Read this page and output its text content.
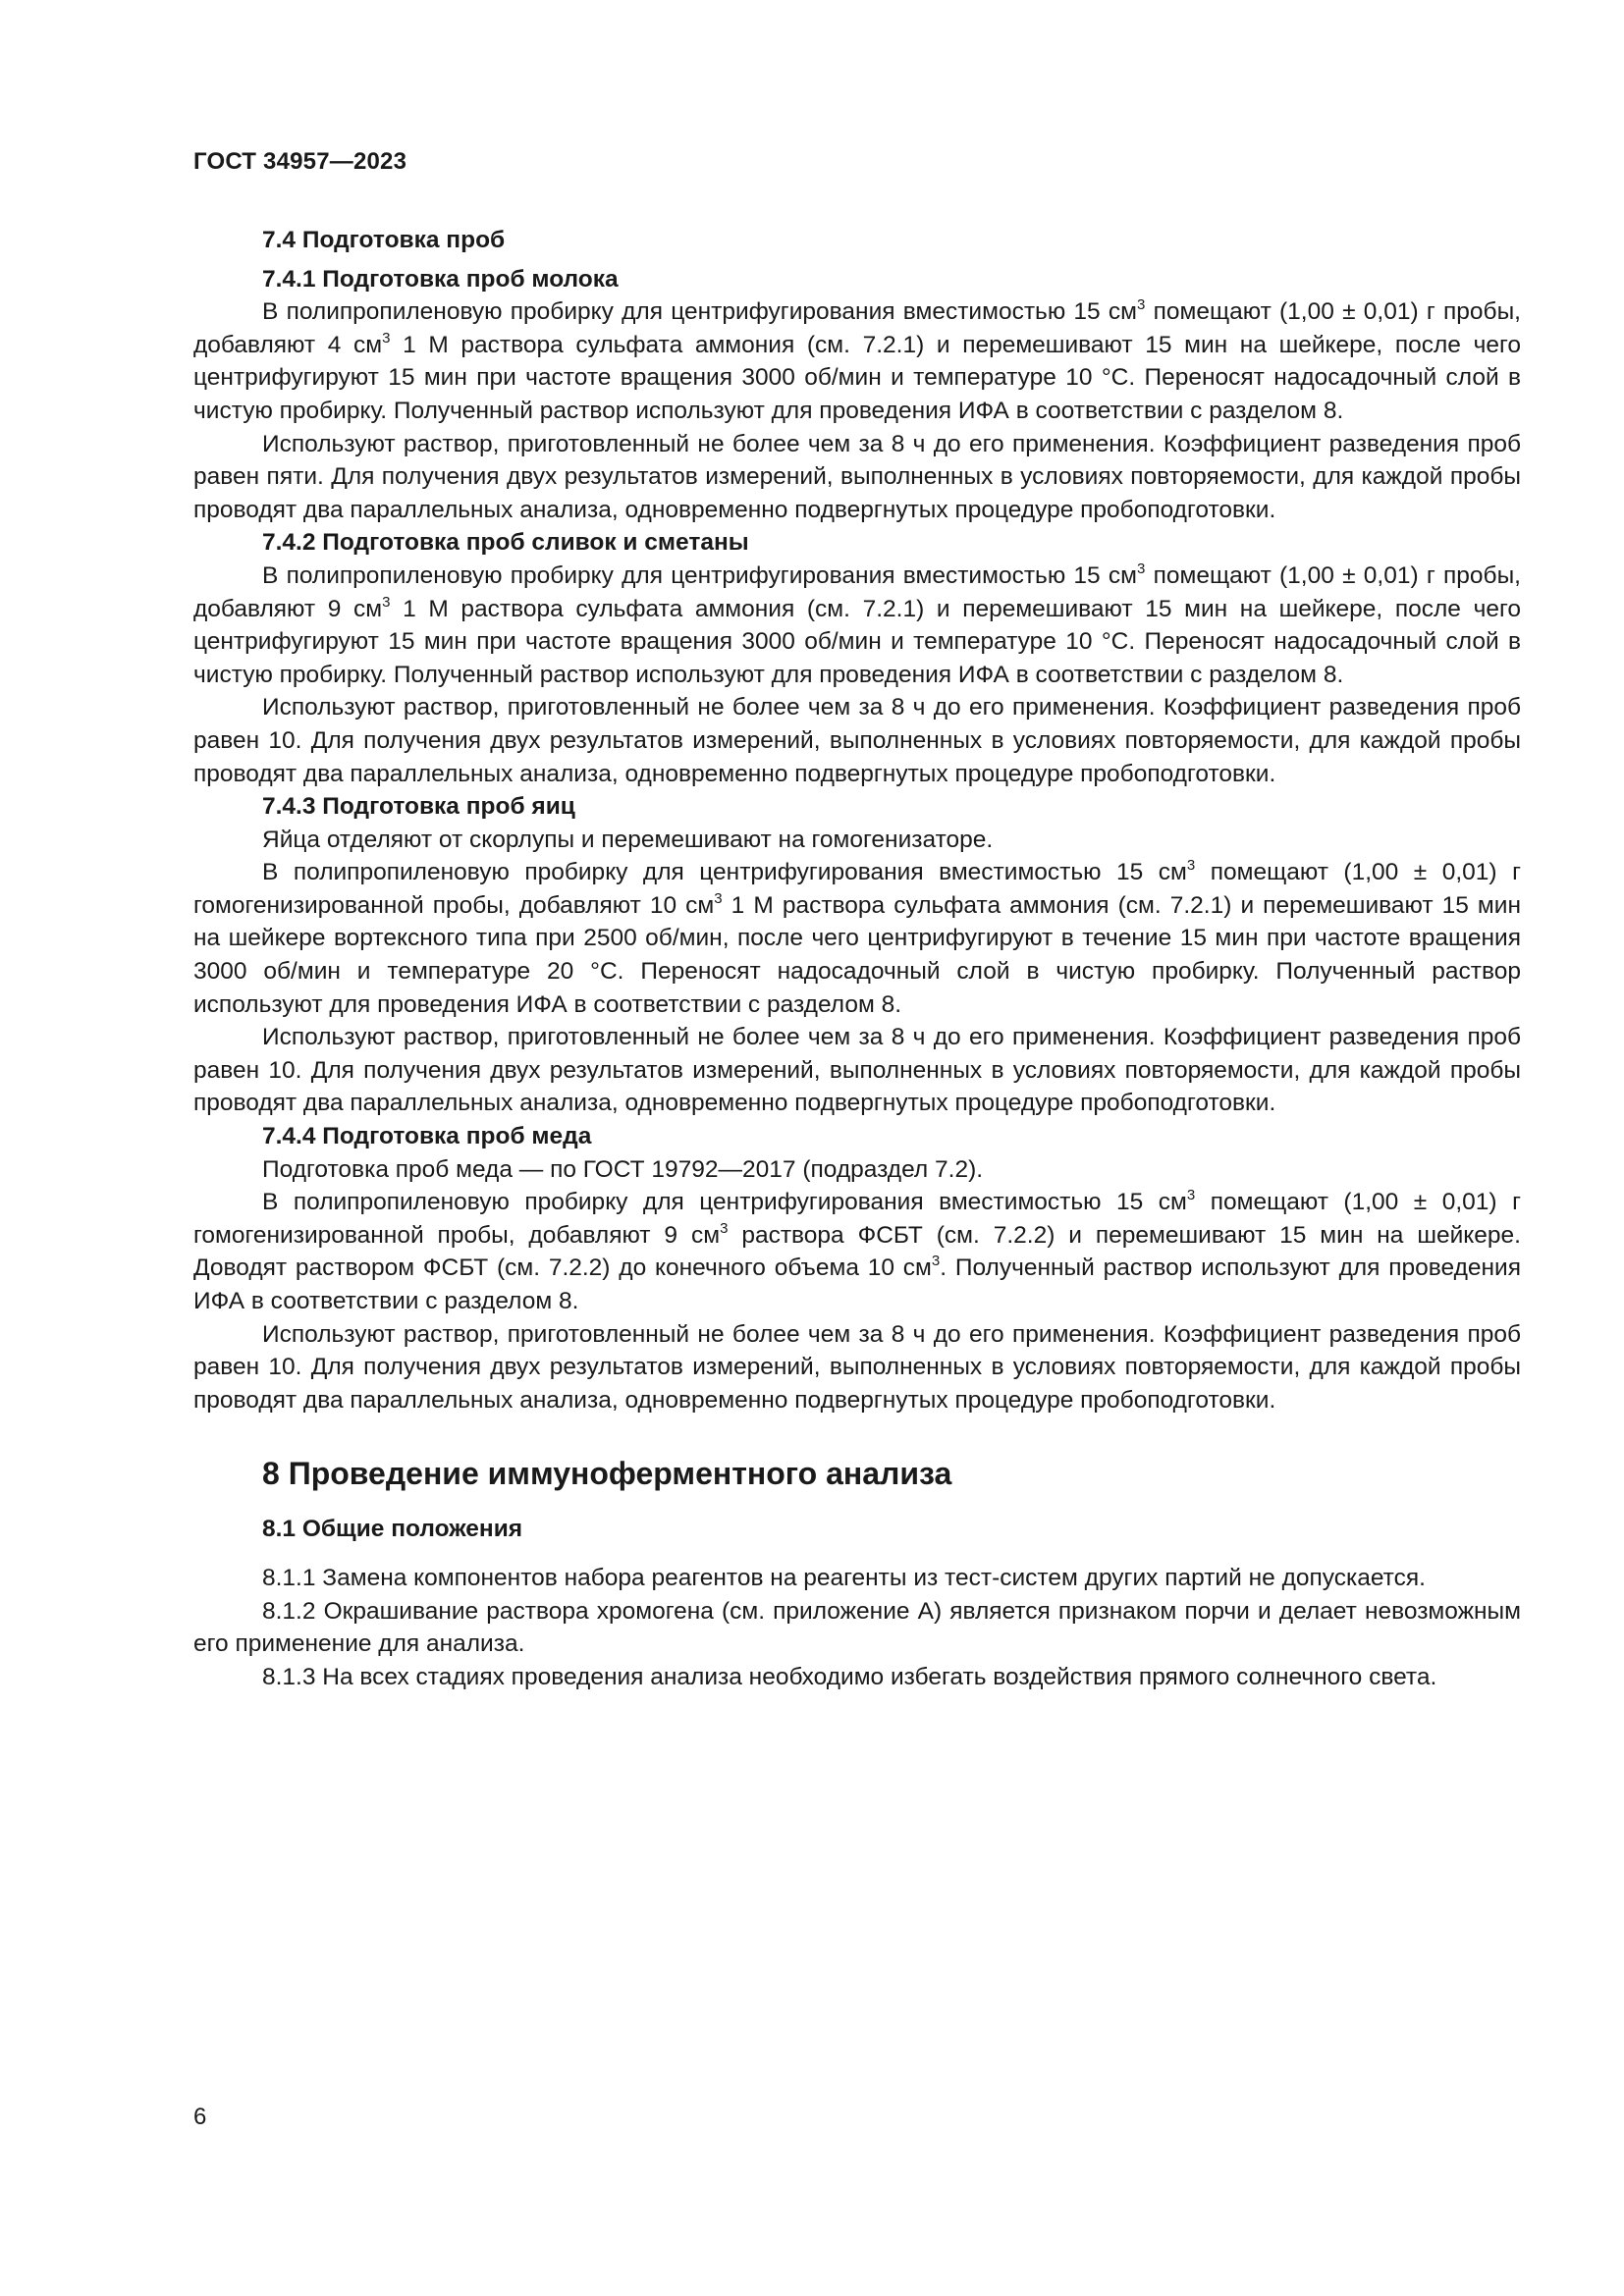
ГОСТ 34957—2023
7.4 Подготовка проб
7.4.1 Подготовка проб молока

В полипропиленовую пробирку для центрифугирования вместимостью 15 $см^3$ помещают (1,00 ± 0,01) г пробы, добавляют 4 $см^3$ 1 М раствора сульфата аммония (см. 7.2.1) и перемешивают 15 мин на шейкере, после чего центрифугируют 15 мин при частоте вращения 3000 об/мин и температуре 10 °С. Переносят надосадочный слой в чистую пробирку. Полученный раствор используют для проведения ИФА в соответствии с разделом 8.

Используют раствор, приготовленный не более чем за 8 ч до его применения. Коэффициент разведения проб равен пяти. Для получения двух результатов измерений, выполненных в условиях повторяемости, для каждой пробы проводят два параллельных анализа, одновременно подвергнутых процедуре пробоподготовки.

7.4.2 Подготовка проб сливок и сметаны

В полипропиленовую пробирку для центрифугирования вместимостью 15 $см^3$ помещают (1,00 ± 0,01) г пробы, добавляют 9 $см^3$ 1 М раствора сульфата аммония (см. 7.2.1) и перемешивают 15 мин на шейкере, после чего центрифугируют 15 мин при частоте вращения 3000 об/мин и температуре 10 °С. Переносят надосадочный слой в чистую пробирку. Полученный раствор используют для проведения ИФА в соответствии с разделом 8.

Используют раствор, приготовленный не более чем за 8 ч до его применения. Коэффициент разведения проб равен 10. Для получения двух результатов измерений, выполненных в условиях повторяемости, для каждой пробы проводят два параллельных анализа, одновременно подвергнутых процедуре пробоподготовки.

7.4.3 Подготовка проб яиц

Яйца отделяют от скорлупы и перемешивают на гомогенизаторе.

В полипропиленовую пробирку для центрифугирования вместимостью 15 $см^3$ помещают (1,00 ± 0,01) г гомогенизированной пробы, добавляют 10 $см^3$ 1 М раствора сульфата аммония (см. 7.2.1) и перемешивают 15 мин на шейкере вортексного типа при 2500 об/мин, после чего центрифугируют в течение 15 мин при частоте вращения 3000 об/мин и температуре 20 °С. Переносят надосадочный слой в чистую пробирку. Полученный раствор используют для проведения ИФА в соответствии с разделом 8.

Используют раствор, приготовленный не более чем за 8 ч до его применения. Коэффициент разведения проб равен 10. Для получения двух результатов измерений, выполненных в условиях повторяемости, для каждой пробы проводят два параллельных анализа, одновременно подвергнутых процедуре пробоподготовки.

7.4.4 Подготовка проб меда

Подготовка проб меда — по ГОСТ 19792—2017 (подраздел 7.2).

В полипропиленовую пробирку для центрифугирования вместимостью 15 $см^3$ помещают (1,00 ± 0,01) г гомогенизированной пробы, добавляют 9 $см^3$ раствора ФСБТ (см. 7.2.2) и перемешивают 15 мин на шейкере. Доводят раствором ФСБТ (см. 7.2.2) до конечного объема 10 $см^3$. Полученный раствор используют для проведения ИФА в соответствии с разделом 8.

Используют раствор, приготовленный не более чем за 8 ч до его применения. Коэффициент разведения проб равен 10. Для получения двух результатов измерений, выполненных в условиях повторяемости, для каждой пробы проводят два параллельных анализа, одновременно подвергнутых процедуре пробоподготовки.

8 Проведение иммуноферментного анализа
8.1 Общие положения

8.1.1 Замена компонентов набора реагентов на реагенты из тест-систем других партий не допускается.

8.1.2 Окрашивание раствора хромогена (см. приложение А) является признаком порчи и делает невозможным его применение для анализа.

8.1.3 На всех стадиях проведения анализа необходимо избегать воздействия прямого солнечного света.

6
